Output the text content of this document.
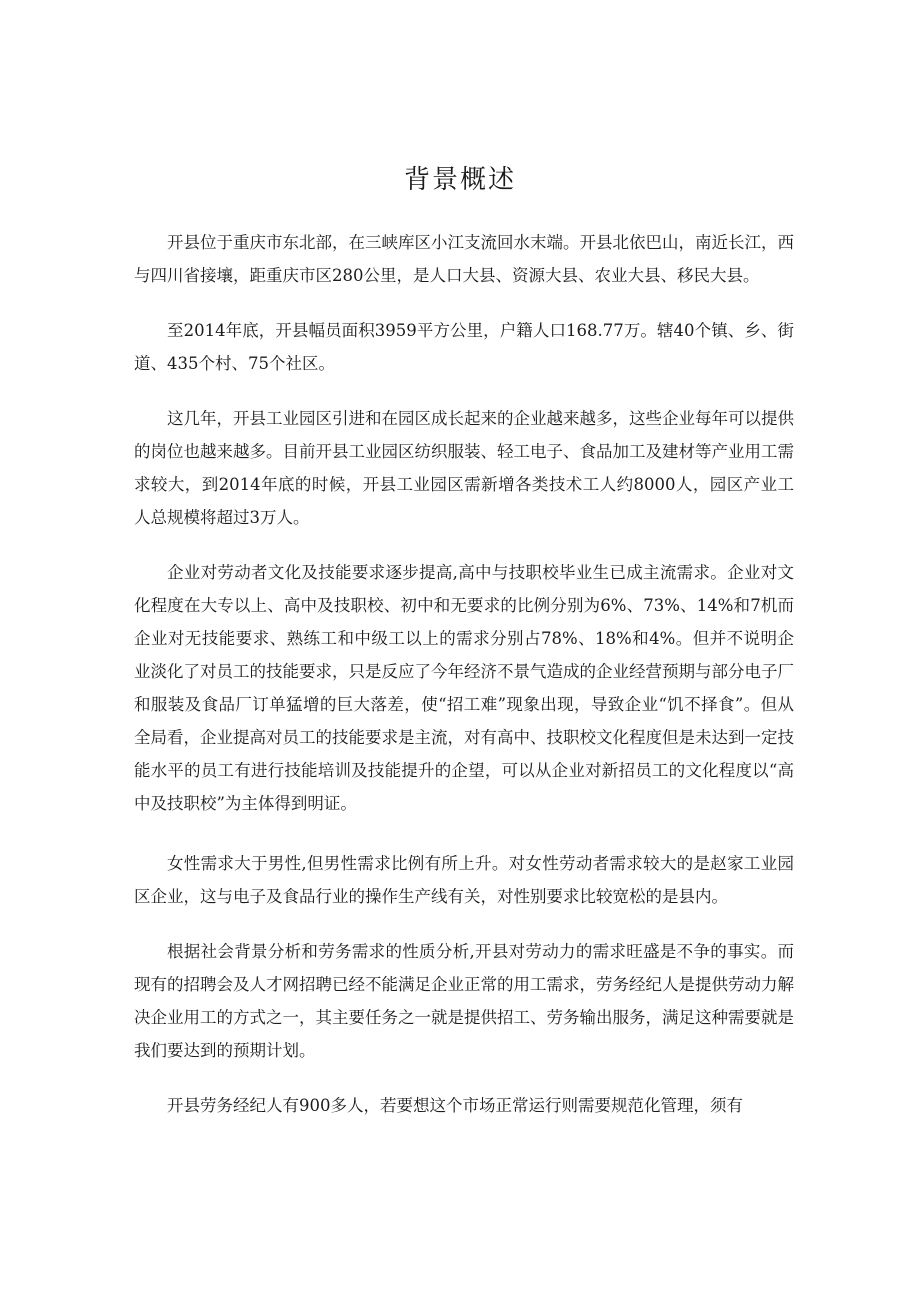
背景概述

开县位于重庆市东北部，在三峡库区小江支流回水末端。开县北依巴山，南近长江，西与四川省接壤，距重庆市区280公里，是人口大县、资源大县、农业大县、移民大县。

至2014年底，开县幅员面积3959平方公里，户籍人口168.77万。辖40个镇、乡、街道、435个村、75个社区。

这几年，开县工业园区引进和在园区成长起来的企业越来越多，这些企业每年可以提供的岗位也越来越多。目前开县工业园区纺织服装、轻工电子、食品加工及建材等产业用工需求较大，到2014年底的时候，开县工业园区需新增各类技术工人约8000人，园区产业工人总规模将超过3万人。

企业对劳动者文化及技能要求逐步提高,高中与技职校毕业生已成主流需求。企业对文化程度在大专以上、高中及技职校、初中和无要求的比例分别为6%、73%、14%和7机而企业对无技能要求、熟练工和中级工以上的需求分别占78%、18%和4%。但并不说明企业淡化了对员工的技能要求，只是反应了今年经济不景气造成的企业经营预期与部分电子厂和服装及食品厂订单猛增的巨大落差，使“招工难”现象出现，导致企业“饥不择食”。但从全局看，企业提高对员工的技能要求是主流，对有高中、技职校文化程度但是未达到一定技能水平的员工有进行技能培训及技能提升的企望，可以从企业对新招员工的文化程度以“高中及技职校”为主体得到明证。

女性需求大于男性,但男性需求比例有所上升。对女性劳动者需求较大的是赵家工业园区企业，这与电子及食品行业的操作生产线有关，对性别要求比较宽松的是县内。

根据社会背景分析和劳务需求的性质分析,开县对劳动力的需求旺盛是不争的事实。而现有的招聘会及人才网招聘已经不能满足企业正常的用工需求，劳务经纪人是提供劳动力解决企业用工的方式之一，其主要任务之一就是提供招工、劳务输出服务，满足这种需要就是我们要达到的预期计划。

开县劳务经纪人有900多人，若要想这个市场正常运行则需要规范化管理，须有
